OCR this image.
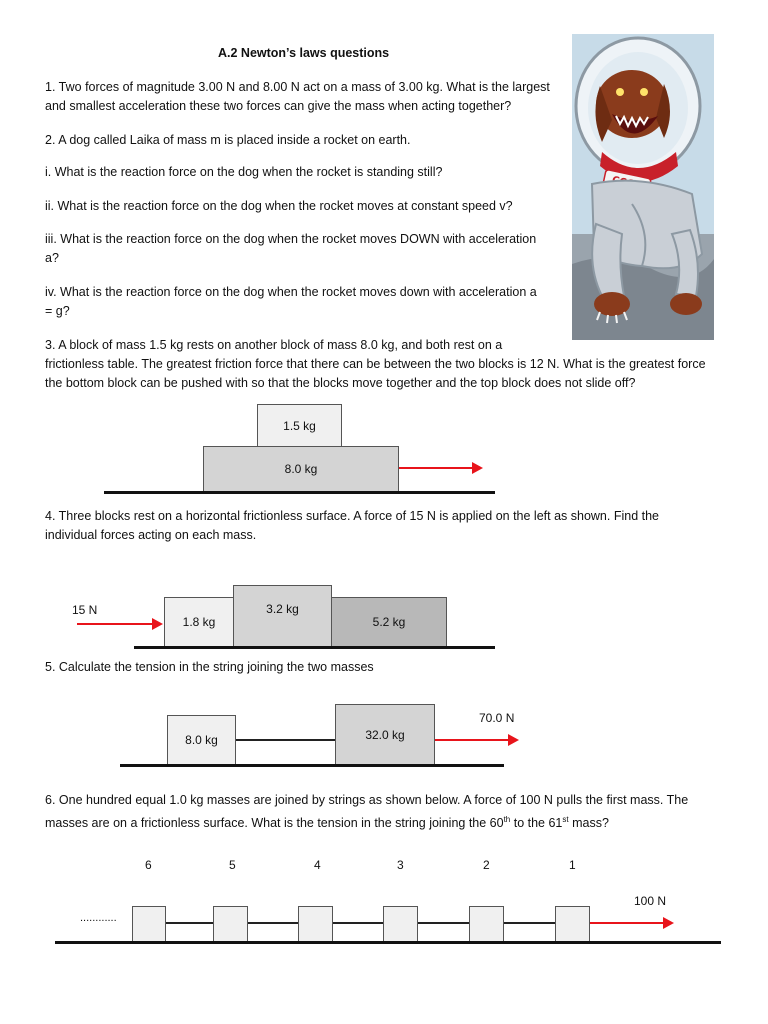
A.2 Newton’s laws questions
1. Two forces of magnitude 3.00 N and 8.00 N act on a mass of 3.00 kg. What is the largest
and smallest acceleration these two forces can give the mass when acting together?
2. A dog called Laika of mass m is placed inside a rocket on earth.
i. What is the reaction force on the dog when the rocket is standing still?
ii. What is the reaction force on the dog when the rocket moves at constant speed v?
iii. What is the reaction force on the dog when the rocket moves DOWN with acceleration
a?
iv. What is the reaction force on the dog when the rocket moves down with acceleration a
= g?
3. A block of mass 1.5 kg rests on another block of mass 8.0 kg, and both rest on a
frictionless table. The greatest friction force that there can be between the two blocks is 12 N. What is the greatest force
the bottom block can be pushed with so that the blocks move together and the top block does not slide off?
1.5 kg
8.0 kg
4. Three blocks rest on a horizontal frictionless surface. A force of 15 N is applied on the left as shown. Find the
individual forces acting on each mass.
15 N
1.8 kg
3.2 kg
5.2 kg
5. Calculate the tension in the string joining the two masses
8.0 kg	32.0 kg
70.0 N
6. One hundred equal 1.0 kg masses are joined by strings as shown below. A force of 100 N pulls the first mass. The
masses are on a frictionless surface. What is the tension in the string joining the 60th to the 61st mass?
6	5	4	3	2	1
............
100 N
